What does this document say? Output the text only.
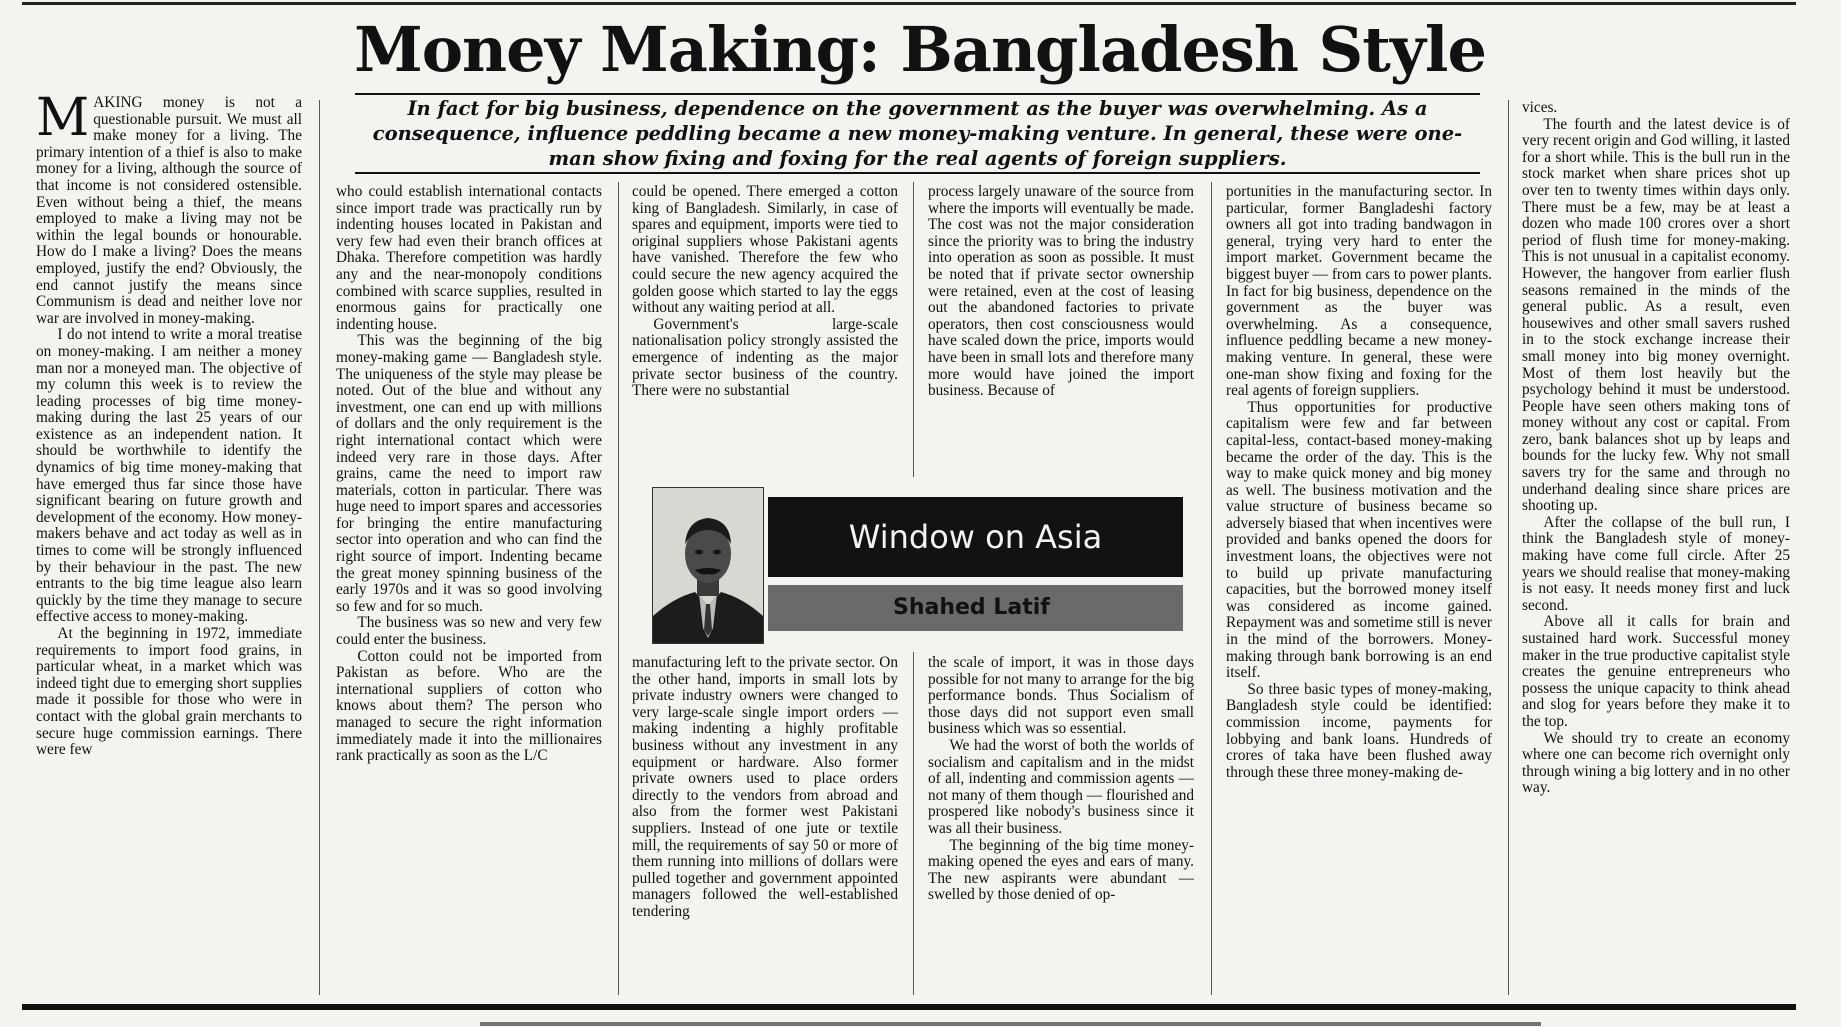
Money Making: Bangladesh Style
In fact for big business, dependence on the government as the buyer was overwhelming. As a consequence, influence peddling became a new money-making venture. In general, these were one-man show fixing and foxing for the real agents of foreign suppliers.

MAKING money is not a questionable pursuit. We must all make money for a living. The primary intention of a thief is also to make money for a living, although the source of that income is not considered ostensible. Even without being a thief, the means employed to make a living may not be within the legal bounds or honourable. How do I make a living? Does the means employed, justify the end? Obviously, the end cannot justify the means since Communism is dead and neither love nor war are involved in money-making.

I do not intend to write a moral treatise on money-making. I am neither a money man nor a moneyed man. The objective of my column this week is to review the leading processes of big time money-making during the last 25 years of our existence as an independent nation. It should be worthwhile to identify the dynamics of big time money-making that have emerged thus far since those have significant bearing on future growth and development of the economy. How money-makers behave and act today as well as in times to come will be strongly influenced by their behaviour in the past. The new entrants to the big time league also learn quickly by the time they manage to secure effective access to money-making.

At the beginning in 1972, immediate requirements to import food grains, in particular wheat, in a market which was indeed tight due to emerging short supplies made it possible for those who were in contact with the global grain merchants to secure huge commission earnings. There were few

who could establish international contacts since import trade was practically run by indenting houses located in Pakistan and very few had even their branch offices at Dhaka. Therefore competition was hardly any and the near-monopoly conditions combined with scarce supplies, resulted in enormous gains for practically one indenting house.

This was the beginning of the big money-making game — Bangladesh style. The uniqueness of the style may please be noted. Out of the blue and without any investment, one can end up with millions of dollars and the only requirement is the right international contact which were indeed very rare in those days. After grains, came the need to import raw materials, cotton in particular. There was huge need to import spares and accessories for bringing the entire manufacturing sector into operation and who can find the right source of import. Indenting became the great money spinning business of the early 1970s and it was so good involving so few and for so much.

The business was so new and very few could enter the business.

Cotton could not be imported from Pakistan as before. Who are the international suppliers of cotton who knows about them? The person who managed to secure the right information immediately made it into the millionaires rank practically as soon as the L/C

could be opened. There emerged a cotton king of Bangladesh. Similarly, in case of spares and equipment, imports were tied to original suppliers whose Pakistani agents have vanished. Therefore the few who could secure the new agency acquired the golden goose which started to lay the eggs without any waiting period at all.

Government's large-scale nationalisation policy strongly assisted the emergence of indenting as the major private sector business of the country. There were no substantial

process largely unaware of the source from where the imports will eventually be made. The cost was not the major consideration since the priority was to bring the industry into operation as soon as possible. It must be noted that if private sector ownership were retained, even at the cost of leasing out the abandoned factories to private operators, then cost consciousness would have scaled down the price, imports would have been in small lots and therefore many more would have joined the import business. Because of

Window on Asia
Shahed Latif

manufacturing left to the private sector. On the other hand, imports in small lots by private industry owners were changed to very large-scale single import orders — making indenting a highly profitable business without any investment in any equipment or hardware. Also former private owners used to place orders directly to the vendors from abroad and also from the former west Pakistani suppliers. Instead of one jute or textile mill, the requirements of say 50 or more of them running into millions of dollars were pulled together and government appointed managers followed the well-established tendering

the scale of import, it was in those days possible for not many to arrange for the big performance bonds. Thus Socialism of those days did not support even small business which was so essential.

We had the worst of both the worlds of socialism and capitalism and in the midst of all, indenting and commission agents — not many of them though — flourished and prospered like nobody's business since it was all their business.

The beginning of the big time money-making opened the eyes and ears of many. The new aspirants were abundant — swelled by those denied of op-

portunities in the manufacturing sector. In particular, former Bangladeshi factory owners all got into trading bandwagon in general, trying very hard to enter the import market. Government became the biggest buyer — from cars to power plants. In fact for big business, dependence on the government as the buyer was overwhelming. As a consequence, influence peddling became a new money-making venture. In general, these were one-man show fixing and foxing for the real agents of foreign suppliers.

Thus opportunities for productive capitalism were few and far between capital-less, contact-based money-making became the order of the day. This is the way to make quick money and big money as well. The business motivation and the value structure of business became so adversely biased that when incentives were provided and banks opened the doors for investment loans, the objectives were not to build up private manufacturing capacities, but the borrowed money itself was considered as income gained. Repayment was and sometime still is never in the mind of the borrowers. Money-making through bank borrowing is an end itself.

So three basic types of money-making, Bangladesh style could be identified: commission income, payments for lobbying and bank loans. Hundreds of crores of taka have been flushed away through these three money-making de-

vices.

The fourth and the latest device is of very recent origin and God willing, it lasted for a short while. This is the bull run in the stock market when share prices shot up over ten to twenty times within days only. There must be a few, may be at least a dozen who made 100 crores over a short period of flush time for money-making. This is not unusual in a capitalist economy. However, the hangover from earlier flush seasons remained in the minds of the general public. As a result, even housewives and other small savers rushed in to the stock exchange increase their small money into big money overnight. Most of them lost heavily but the psychology behind it must be understood. People have seen others making tons of money without any cost or capital. From zero, bank balances shot up by leaps and bounds for the lucky few. Why not small savers try for the same and through no underhand dealing since share prices are shooting up.

After the collapse of the bull run, I think the Bangladesh style of money-making have come full circle. After 25 years we should realise that money-making is not easy. It needs money first and luck second.

Above all it calls for brain and sustained hard work. Successful money maker in the true productive capitalist style creates the genuine entrepreneurs who possess the unique capacity to think ahead and slog for years before they make it to the top.

We should try to create an economy where one can become rich overnight only through wining a big lottery and in no other way.
